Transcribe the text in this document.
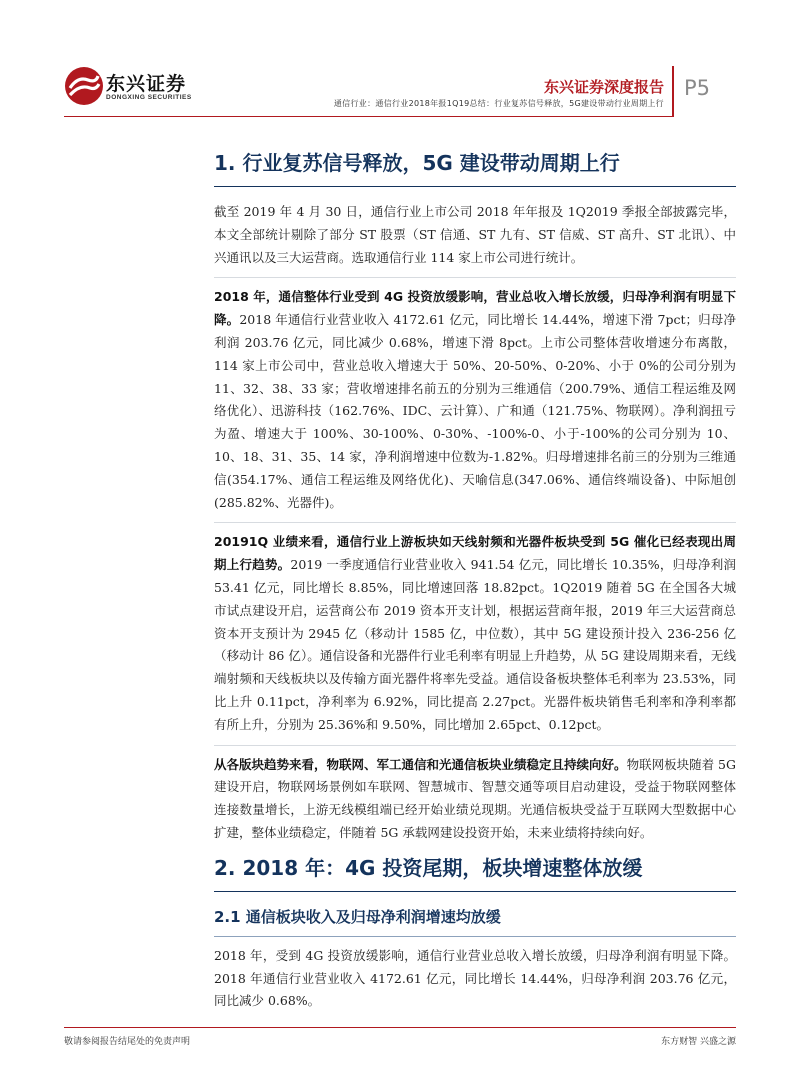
东兴证券
DONGXING SECURITIES
东兴证券深度报告
通信行业：通信行业2018年报1Q19总结：行业复苏信号释放，5G建设带动行业周期上行
P5
1. 行业复苏信号释放，5G 建设带动周期上行

截至 2019 年 4 月 30 日，通信行业上市公司 2018 年年报及 1Q2019 季报全部披露完毕，本文全部统计剔除了部分 ST 股票（ST 信通、ST 九有、ST 信威、ST 高升、ST 北讯）、中兴通讯以及三大运营商。选取通信行业 114 家上市公司进行统计。

2018 年，通信整体行业受到 4G 投资放缓影响，营业总收入增长放缓，归母净利润有明显下降。2018 年通信行业营业收入 4172.61 亿元，同比增长 14.44%，增速下滑 7pct；归母净利润 203.76 亿元，同比减少 0.68%，增速下滑 8pct。上市公司整体营收增速分布离散，114 家上市公司中，营业总收入增速大于 50%、20-50%、0-20%、小于 0%的公司分别为 11、32、38、33 家；营收增速排名前五的分别为三维通信（200.79%、通信工程运维及网络优化）、迅游科技（162.76%、IDC、云计算）、广和通（121.75%、物联网）。净利润扭亏为盈、增速大于 100%、30-100%、0-30%、-100%-0、小于-100%的公司分别为 10、10、18、31、35、14 家，净利润增速中位数为-1.82%。归母增速排名前三的分别为三维通信(354.17%、通信工程运维及网络优化)、天喻信息(347.06%、通信终端设备)、中际旭创(285.82%、光器件)。

20191Q 业绩来看，通信行业上游板块如天线射频和光器件板块受到 5G 催化已经表现出周期上行趋势。2019 一季度通信行业营业收入 941.54 亿元，同比增长 10.35%，归母净利润 53.41 亿元，同比增长 8.85%，同比增速回落 18.82pct。1Q2019 随着 5G 在全国各大城市试点建设开启，运营商公布 2019 资本开支计划，根据运营商年报，2019 年三大运营商总资本开支预计为 2945 亿（移动计 1585 亿，中位数），其中 5G 建设预计投入 236-256 亿（移动计 86 亿）。通信设备和光器件行业毛利率有明显上升趋势，从 5G 建设周期来看，无线端射频和天线板块以及传输方面光器件将率先受益。通信设备板块整体毛利率为 23.53%，同比上升 0.11pct，净利率为 6.92%，同比提高 2.27pct。光器件板块销售毛利率和净利率都有所上升，分别为 25.36%和 9.50%，同比增加 2.65pct、0.12pct。

从各版块趋势来看，物联网、军工通信和光通信板块业绩稳定且持续向好。物联网板块随着 5G 建设开启，物联网场景例如车联网、智慧城市、智慧交通等项目启动建设，受益于物联网整体连接数量增长，上游无线模组端已经开始业绩兑现期。光通信板块受益于互联网大型数据中心扩建，整体业绩稳定，伴随着 5G 承载网建设投资开始，未来业绩将持续向好。

2. 2018 年：4G 投资尾期，板块增速整体放缓
2.1 通信板块收入及归母净利润增速均放缓

2018 年，受到 4G 投资放缓影响，通信行业营业总收入增长放缓，归母净利润有明显下降。2018 年通信行业营业收入 4172.61 亿元，同比增长 14.44%，归母净利润 203.76 亿元，同比减少 0.68%。

敬请参阅报告结尾处的免责声明	东方财智 兴盛之源
